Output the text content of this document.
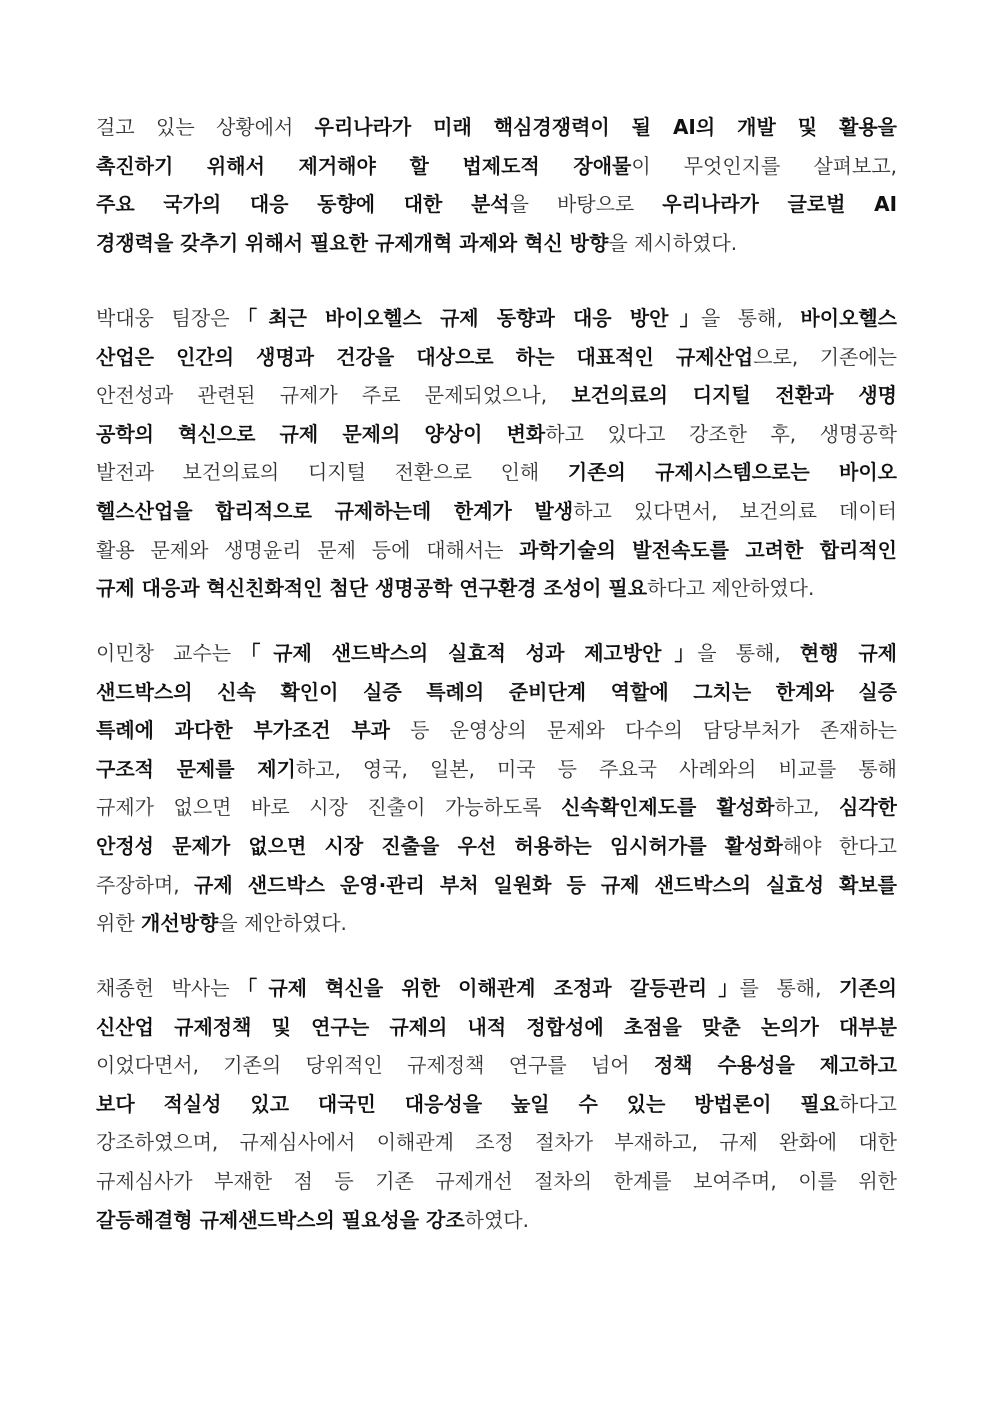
걸고 있는 상황에서 우리나라가 미래 핵심경쟁력이 될 AI의 개발 및 활용을
촉진하기 위해서 제거해야 할 법제도적 장애물이 무엇인지를 살펴보고,
주요 국가의 대응 동향에 대한 분석을 바탕으로 우리나라가 글로벌 AI
경쟁력을 갖추기 위해서 필요한 규제개혁 과제와 혁신 방향을 제시하였다.
박대웅 팀장은 ｢최근 바이오헬스 규제 동향과 대응 방안｣을 통해, 바이오헬스
산업은 인간의 생명과 건강을 대상으로 하는 대표적인 규제산업으로, 기존에는
안전성과 관련된 규제가 주로 문제되었으나, 보건의료의 디지털 전환과 생명
공학의 혁신으로 규제 문제의 양상이 변화하고 있다고 강조한 후, 생명공학
발전과 보건의료의 디지털 전환으로 인해 기존의 규제시스템으로는 바이오
헬스산업을 합리적으로 규제하는데 한계가 발생하고 있다면서, 보건의료 데이터
활용 문제와 생명윤리 문제 등에 대해서는 과학기술의 발전속도를 고려한 합리적인
규제 대응과 혁신친화적인 첨단 생명공학 연구환경 조성이 필요하다고 제안하였다.
이민창 교수는 ｢규제 샌드박스의 실효적 성과 제고방안｣을 통해, 현행 규제
샌드박스의 신속 확인이 실증 특례의 준비단계 역할에 그치는 한계와 실증
특례에 과다한 부가조건 부과 등 운영상의 문제와 다수의 담당부처가 존재하는
구조적 문제를 제기하고, 영국, 일본, 미국 등 주요국 사례와의 비교를 통해
규제가 없으면 바로 시장 진출이 가능하도록 신속확인제도를 활성화하고, 심각한
안정성 문제가 없으면 시장 진출을 우선 허용하는 임시허가를 활성화해야 한다고
주장하며, 규제 샌드박스 운영·관리 부처 일원화 등 규제 샌드박스의 실효성 확보를
위한 개선방향을 제안하였다.
채종헌 박사는 ｢규제 혁신을 위한 이해관계 조정과 갈등관리｣를 통해, 기존의
신산업 규제정책 및 연구는 규제의 내적 정합성에 초점을 맞춘 논의가 대부분
이었다면서, 기존의 당위적인 규제정책 연구를 넘어 정책 수용성을 제고하고
보다 적실성 있고 대국민 대응성을 높일 수 있는 방법론이 필요하다고
강조하였으며, 규제심사에서 이해관계 조정 절차가 부재하고, 규제 완화에 대한
규제심사가 부재한 점 등 기존 규제개선 절차의 한계를 보여주며, 이를 위한
갈등해결형 규제샌드박스의 필요성을 강조하였다.
